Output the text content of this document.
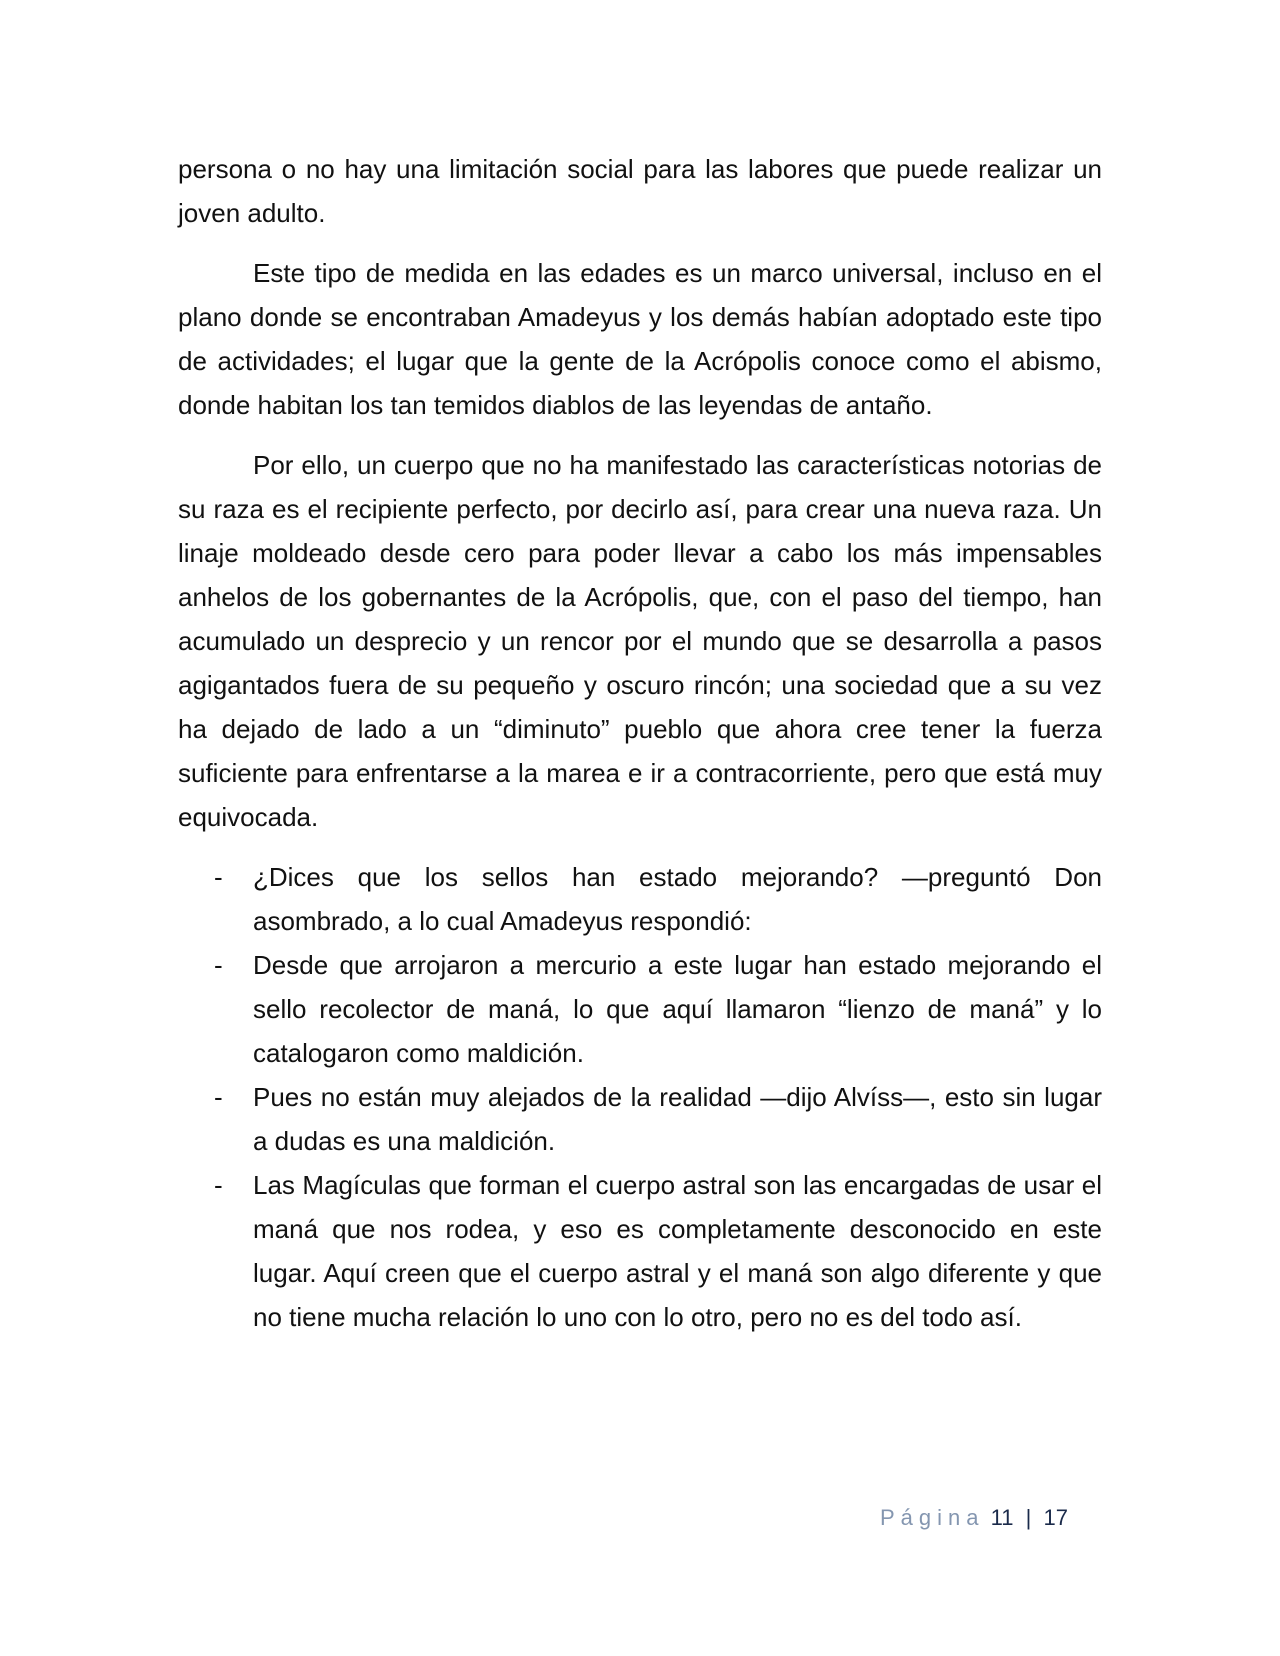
persona o no hay una limitación social para las labores que puede realizar un joven adulto.

Este tipo de medida en las edades es un marco universal, incluso en el plano donde se encontraban Amadeyus y los demás habían adoptado este tipo de actividades; el lugar que la gente de la Acrópolis conoce como el abismo, donde habitan los tan temidos diablos de las leyendas de antaño.

Por ello, un cuerpo que no ha manifestado las características notorias de su raza es el recipiente perfecto, por decirlo así, para crear una nueva raza. Un linaje moldeado desde cero para poder llevar a cabo los más impensables anhelos de los gobernantes de la Acrópolis, que, con el paso del tiempo, han acumulado un desprecio y un rencor por el mundo que se desarrolla a pasos agigantados fuera de su pequeño y oscuro rincón; una sociedad que a su vez ha dejado de lado a un “diminuto” pueblo que ahora cree tener la fuerza suficiente para enfrentarse a la marea e ir a contracorriente, pero que está muy equivocada.

- ¿Dices que los sellos han estado mejorando? —preguntó Don asombrado, a lo cual Amadeyus respondió:
- Desde que arrojaron a mercurio a este lugar han estado mejorando el sello recolector de maná, lo que aquí llamaron “lienzo de maná” y lo catalogaron como maldición.
- Pues no están muy alejados de la realidad —dijo Alvíss—, esto sin lugar a dudas es una maldición.
- Las Magículas que forman el cuerpo astral son las encargadas de usar el maná que nos rodea, y eso es completamente desconocido en este lugar. Aquí creen que el cuerpo astral y el maná son algo diferente y que no tiene mucha relación lo uno con lo otro, pero no es del todo así.
Página 11 | 17
